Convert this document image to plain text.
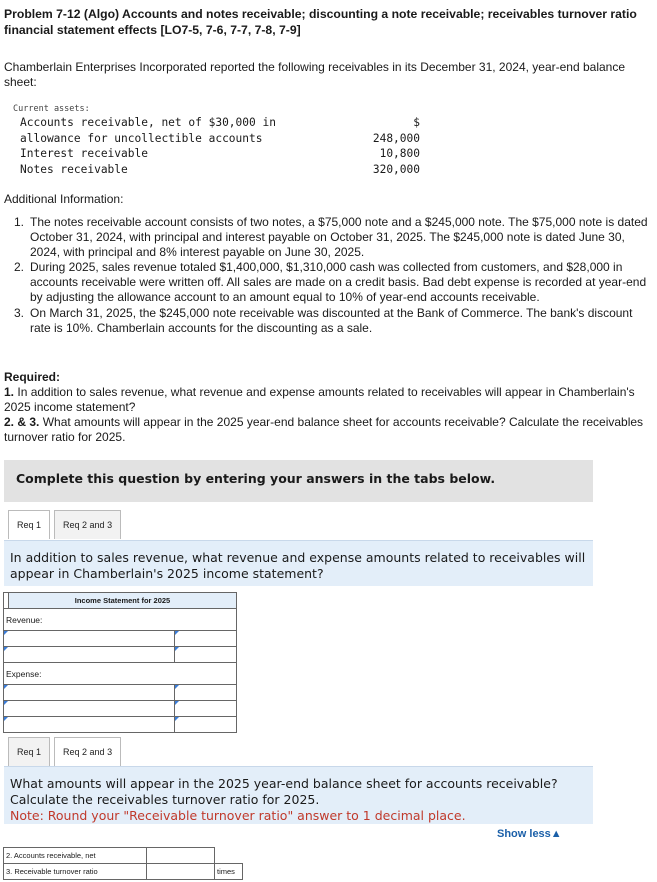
Problem 7-12 (Algo) Accounts and notes receivable; discounting a note receivable; receivables turnover ratio financial statement effects [LO7-5, 7-6, 7-7, 7-8, 7-9]
Chamberlain Enterprises Incorporated reported the following receivables in its December 31, 2024, year-end balance sheet:
Current assets:
Accounts receivable, net of $30,000 in	$
allowance for uncollectible accounts	248,000
Interest receivable	10,800
Notes receivable	320,000
Additional Information:
1. The notes receivable account consists of two notes, a $75,000 note and a $245,000 note. The $75,000 note is dated October 31, 2024, with principal and interest payable on October 31, 2025. The $245,000 note is dated June 30, 2024, with principal and 8% interest payable on June 30, 2025.
2. During 2025, sales revenue totaled $1,400,000, $1,310,000 cash was collected from customers, and $28,000 in accounts receivable were written off. All sales are made on a credit basis. Bad debt expense is recorded at year-end by adjusting the allowance account to an amount equal to 10% of year-end accounts receivable.
3. On March 31, 2025, the $245,000 note receivable was discounted at the Bank of Commerce. The bank's discount rate is 10%. Chamberlain accounts for the discounting as a sale.
Required:
1. In addition to sales revenue, what revenue and expense amounts related to receivables will appear in Chamberlain's 2025 income statement?
2. & 3. What amounts will appear in the 2025 year-end balance sheet for accounts receivable? Calculate the receivables turnover ratio for 2025.
Complete this question by entering your answers in the tabs below.
Req 1	Req 2 and 3
In addition to sales revenue, what revenue and expense amounts related to receivables will appear in Chamberlain's 2025 income statement?
	Income Statement for 2025	
Revenue:		

Expense:		

Req 1	Req 2 and 3
What amounts will appear in the 2025 year-end balance sheet for accounts receivable? Calculate the receivables turnover ratio for 2025.
Note: Round your "Receivable turnover ratio" answer to 1 decimal place.
Show less▲
2. Accounts receivable, net		
3. Receivable turnover ratio		times
